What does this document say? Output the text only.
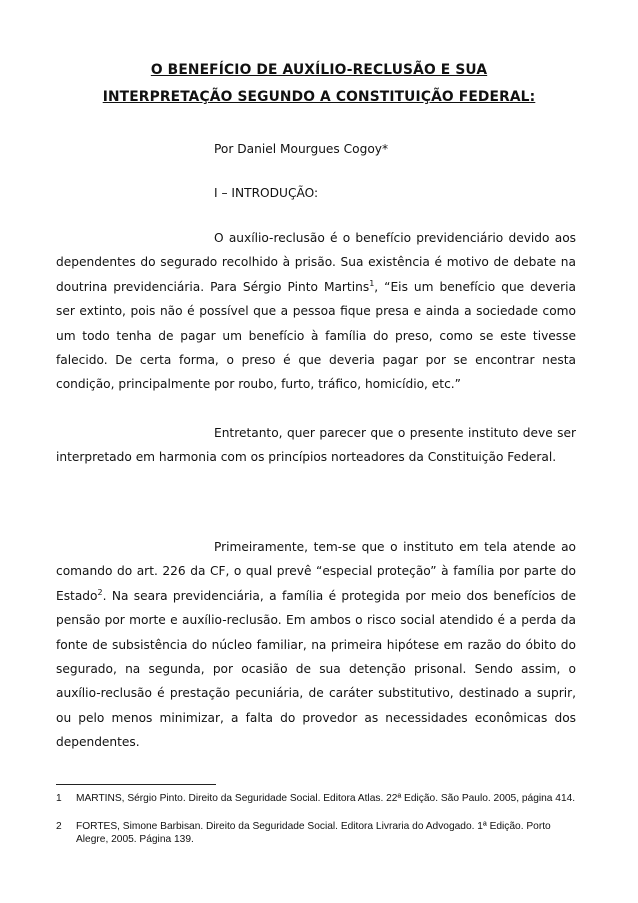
O BENEFÍCIO DE AUXÍLIO-RECLUSÃO E SUA
INTERPRETAÇÃO SEGUNDO A CONSTITUIÇÃO FEDERAL:

Por Daniel Mourgues Cogoy*

I – INTRODUÇÃO:

O auxílio-reclusão é o benefício previdenciário devido aos dependentes do segurado recolhido à prisão. Sua existência é motivo de debate na doutrina previdenciária. Para Sérgio Pinto Martins$^1$, “Eis um benefício que deveria ser extinto, pois não é possível que a pessoa fique presa e ainda a sociedade como um todo tenha de pagar um benefício à família do preso, como se este tivesse falecido. De certa forma, o preso é que deveria pagar por se encontrar nesta condição, principalmente por roubo, furto, tráfico, homicídio, etc.”

Entretanto, quer parecer que o presente instituto deve ser interpretado em harmonia com os princípios norteadores da Constituição Federal.

Primeiramente, tem-se que o instituto em tela atende ao comando do art. 226 da CF, o qual prevê “especial proteção” à família por parte do Estado$^2$. Na seara previdenciária, a família é protegida por meio dos benefícios de pensão por morte e auxílio-reclusão. Em ambos o risco social atendido é a perda da fonte de subsistência do núcleo familiar, na primeira hipótese em razão do óbito do segurado, na segunda, por ocasião de sua detenção prisonal. Sendo assim, o auxílio-reclusão é prestação pecuniária, de caráter substitutivo, destinado a suprir, ou pelo menos minimizar, a falta do provedor as necessidades econômicas dos dependentes.

1	MARTINS, Sérgio Pinto. Direito da Seguridade Social. Editora Atlas. 22ª Edição. São Paulo. 2005, página 414.
2	FORTES, Simone Barbisan. Direito da Seguridade Social. Editora Livraria do Advogado. 1ª Edição. Porto Alegre, 2005. Página 139.
